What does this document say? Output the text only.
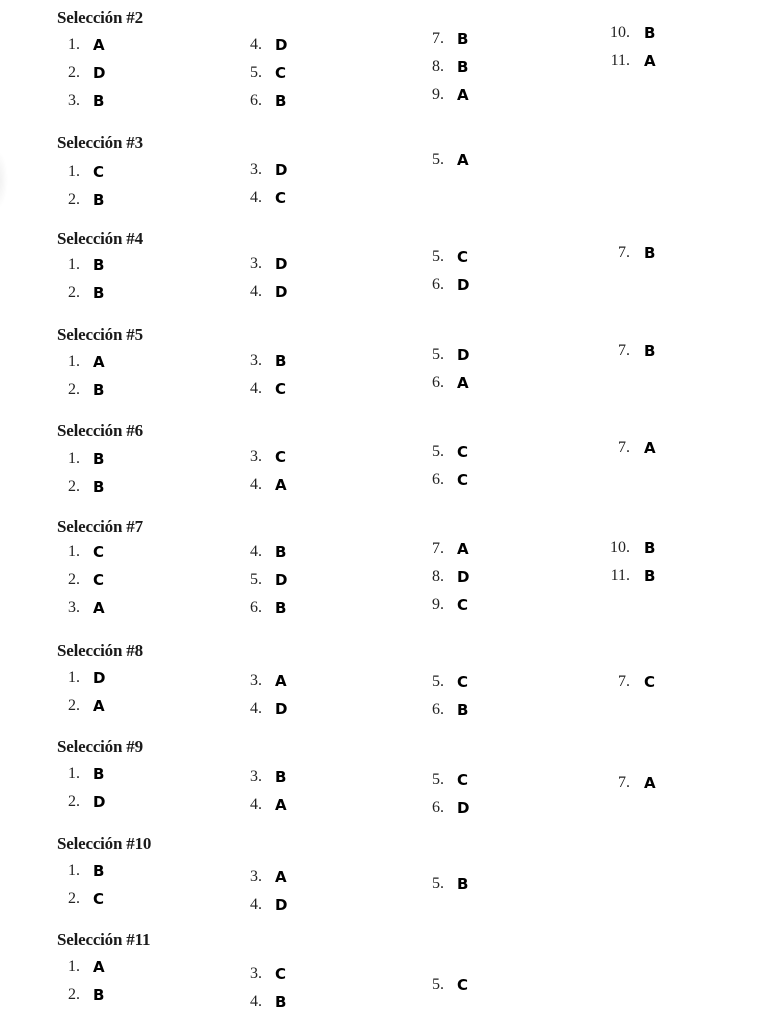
Selección #2
1. A
2. D
3. B
4. D
5. C
6. B
7. B
8. B
9. A
10. B
11. A
Selección #3
1. C
2. B
3. D
4. C
5. A
Selección #4
1. B
2. B
3. D
4. D
5. C
6. D
7. B
Selección #5
1. A
2. B
3. B
4. C
5. D
6. A
7. B
Selección #6
1. B
2. B
3. C
4. A
5. C
6. C
7. A
Selección #7
1. C
2. C
3. A
4. B
5. D
6. B
7. A
8. D
9. C
10. B
11. B
Selección #8
1. D
2. A
3. A
4. D
5. C
6. B
7. C
Selección #9
1. B
2. D
3. B
4. A
5. C
6. D
7. A
Selección #10
1. B
2. C
3. A
4. D
5. B
Selección #11
1. A
2. B
3. C
4. B
5. C
